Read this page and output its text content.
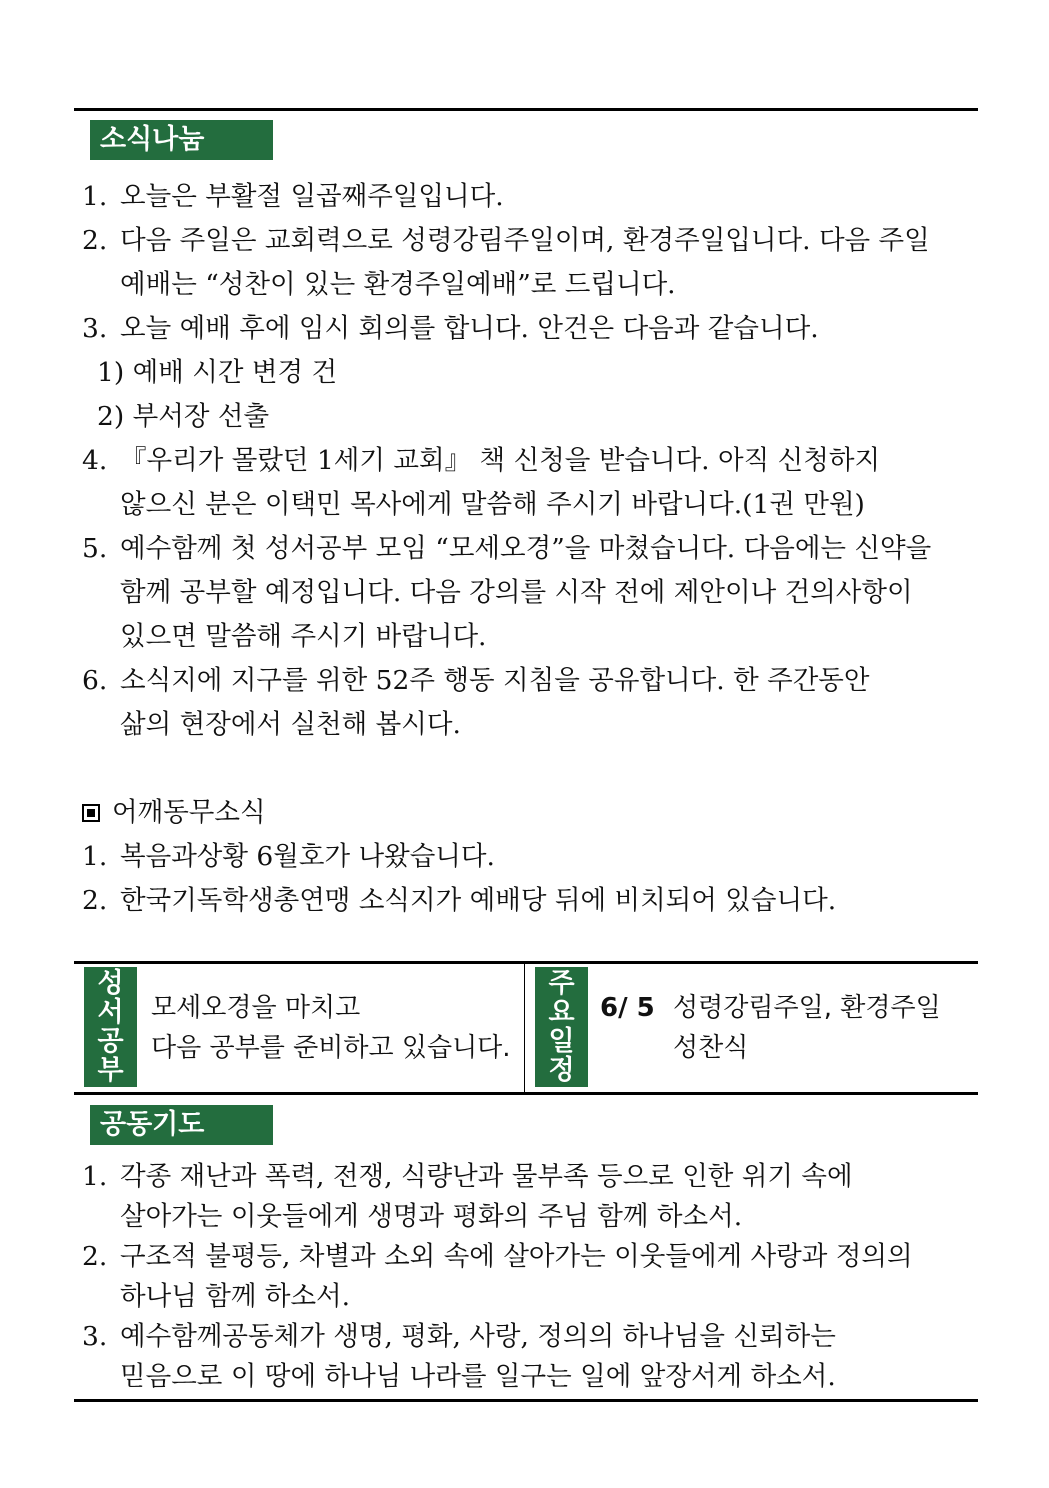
소식나눔
1. 오늘은 부활절 일곱째주일입니다.
2. 다음 주일은 교회력으로 성령강림주일이며, 환경주일입니다. 다음 주일
예배는 “성찬이 있는 환경주일예배”로 드립니다.
3. 오늘 예배 후에 임시 회의를 합니다. 안건은 다음과 같습니다.
1) 예배 시간 변경 건
2) 부서장 선출
4. 『우리가 몰랐던 1세기 교회』 책 신청을 받습니다. 아직 신청하지
않으신 분은 이택민 목사에게 말씀해 주시기 바랍니다.(1권 만원)
5. 예수함께 첫 성서공부 모임 “모세오경”을 마쳤습니다. 다음에는 신약을
함께 공부할 예정입니다. 다음 강의를 시작 전에 제안이나 건의사항이
있으면 말씀해 주시기 바랍니다.
6. 소식지에 지구를 위한 52주 행동 지침을 공유합니다. 한 주간동안
삶의 현장에서 실천해 봅시다.
어깨동무소식
1. 복음과상황 6월호가 나왔습니다.
2. 한국기독학생총연맹 소식지가 예배당 뒤에 비치되어 있습니다.
성
서
공
부
모세오경을 마치고
다음 공부를 준비하고 있습니다.
주
요
일
정
6/ 5 성령강림주일, 환경주일
성찬식
공동기도
1. 각종 재난과 폭력, 전쟁, 식량난과 물부족 등으로 인한 위기 속에
살아가는 이웃들에게 생명과 평화의 주님 함께 하소서.
2. 구조적 불평등, 차별과 소외 속에 살아가는 이웃들에게 사랑과 정의의
하나님 함께 하소서.
3. 예수함께공동체가 생명, 평화, 사랑, 정의의 하나님을 신뢰하는
믿음으로 이 땅에 하나님 나라를 일구는 일에 앞장서게 하소서.
